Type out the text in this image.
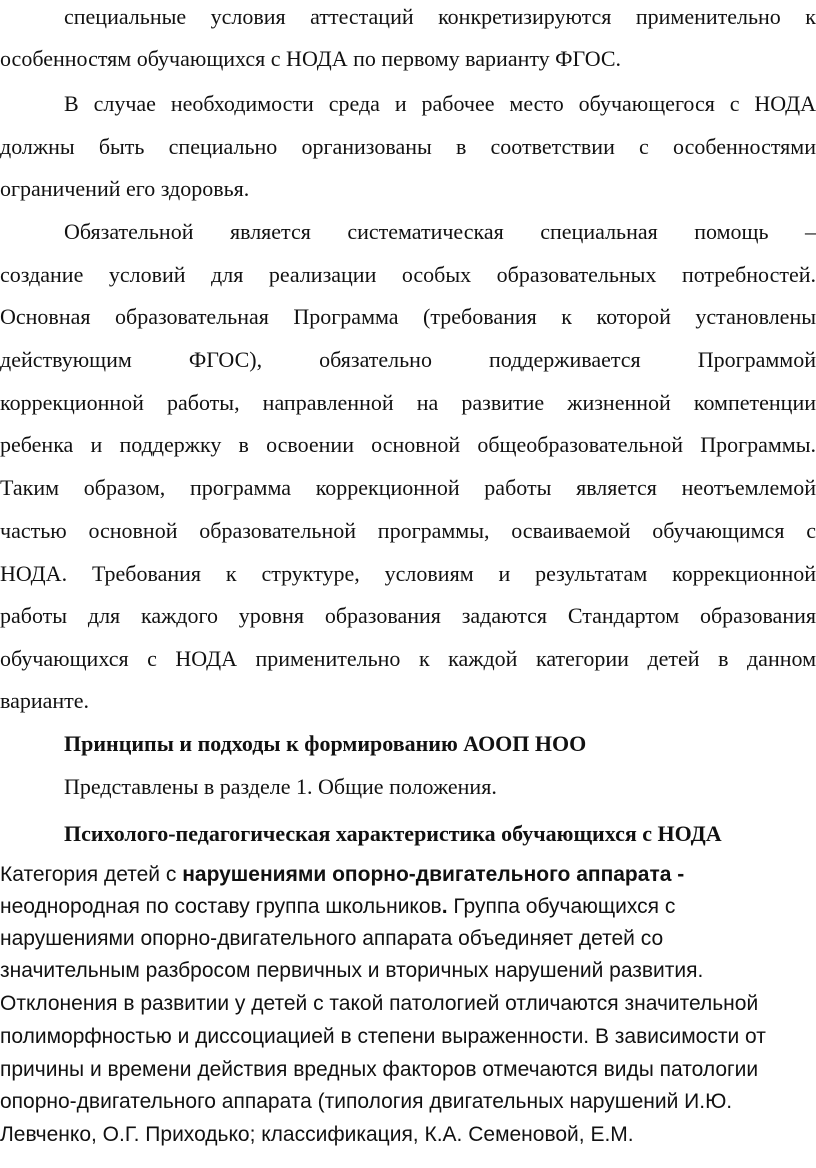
специальные условия аттестаций конкретизируются применительно к
особенностям обучающихся с НОДА по первому варианту ФГОС.
В случае необходимости среда и рабочее место обучающегося с НОДА
должны быть специально организованы в соответствии с особенностями
ограничений его здоровья.
Обязательной является систематическая специальная помощь –
создание условий для реализации особых образовательных потребностей.
Основная образовательная Программа (требования к которой установлены
действующим ФГОС), обязательно поддерживается Программой
коррекционной работы, направленной на развитие жизненной компетенции
ребенка и поддержку в освоении основной общеобразовательной Программы.
Таким образом, программа коррекционной работы является неотъемлемой
частью основной образовательной программы, осваиваемой обучающимся с
НОДА. Требования к структуре, условиям и результатам коррекционной
работы для каждого уровня образования задаются Стандартом образования
обучающихся с НОДА применительно к каждой категории детей в данном
варианте.
Принципы и подходы к формированию АООП НОО
Представлены в разделе 1. Общие положения.
Психолого-педагогическая характеристика обучающихся с НОДА
Категория детей с нарушениями опорно-двигательного аппарата -
неоднородная по составу группа школьников. Группа обучающихся с
нарушениями опорно-двигательного аппарата объединяет детей со
значительным разбросом первичных и вторичных нарушений развития.
Отклонения в развитии у детей с такой патологией отличаются значительной
полиморфностью и диссоциацией в степени выраженности. В зависимости от
причины и времени действия вредных факторов отмечаются виды патологии
опорно-двигательного аппарата (типология двигательных нарушений И.Ю.
Левченко, О.Г. Приходько; классификация, К.А. Семеновой, Е.М.
